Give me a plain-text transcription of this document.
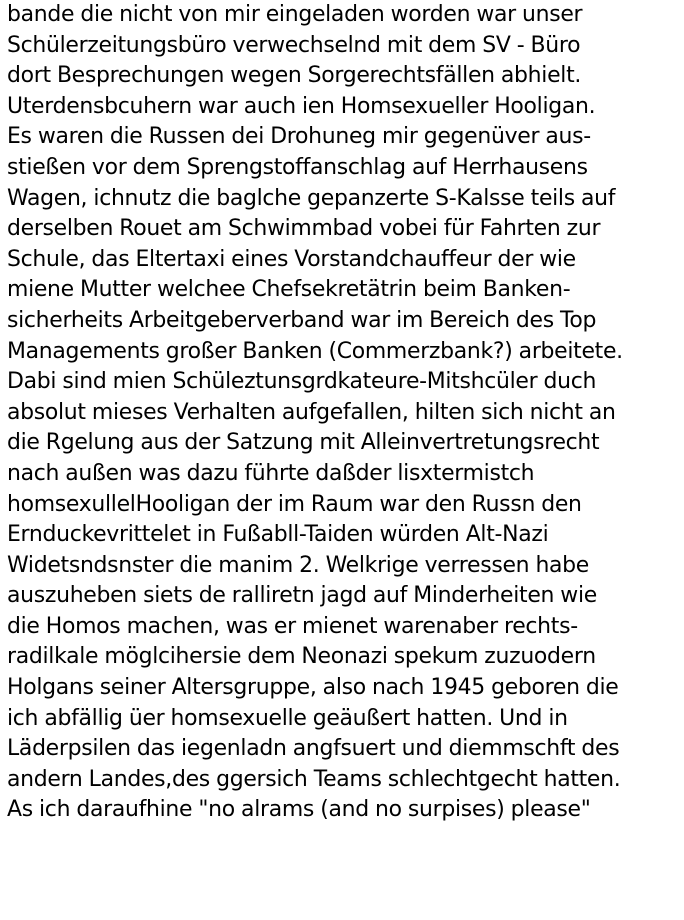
bande die nicht von mir eingeladen worden war unser
Schülerzeitungsbüro verwechselnd mit dem SV - Büro
dort Besprechungen wegen Sorgerechtsfällen abhielt.
Uterdensbcuhern war auch ien Homsexueller Hooligan.
Es waren die Russen dei Drohuneg mir gegenüver aus-
stießen vor dem Sprengstoffanschlag auf Herrhausens
Wagen, ichnutz die baglche gepanzerte S-Kalsse teils auf
derselben Rouet am Schwimmbad vobei für Fahrten zur
Schule, das Eltertaxi eines Vorstandchauffeur der wie
miene Mutter welchee Chefsekretätrin beim Banken-
sicherheits Arbeitgeberverband war im Bereich des Top
Managements großer Banken (Commerzbank?) arbeitete.
Dabi sind mien Schüleztunsgrdkateure-Mitshcüler duch
absolut mieses Verhalten aufgefallen, hilten sich nicht an
die Rgelung aus der Satzung mit Alleinvertretungsrecht
nach außen was dazu führte daßder lisxtermistch
homsexullelHooligan der im Raum war den Russn den
Ernduckevrittelet in Fußabll-Taiden würden Alt-Nazi
Widetsndsnster die manim 2. Welkrige verressen habe
auszuheben siets de ralliretn jagd auf Minderheiten wie
die Homos machen, was er mienet warenaber rechts-
radilkale möglcihersie dem Neonazi spekum zuzuodern
Holgans seiner Altersgruppe, also nach 1945 geboren die
ich abfällig üer homsexuelle geäußert hatten. Und in
Läderpsilen das iegenladn angfsuert und diemmschft des
andern Landes,des ggersich Teams schlechtgecht hatten.
As ich daraufhine "no alrams (and no surpises) please"
